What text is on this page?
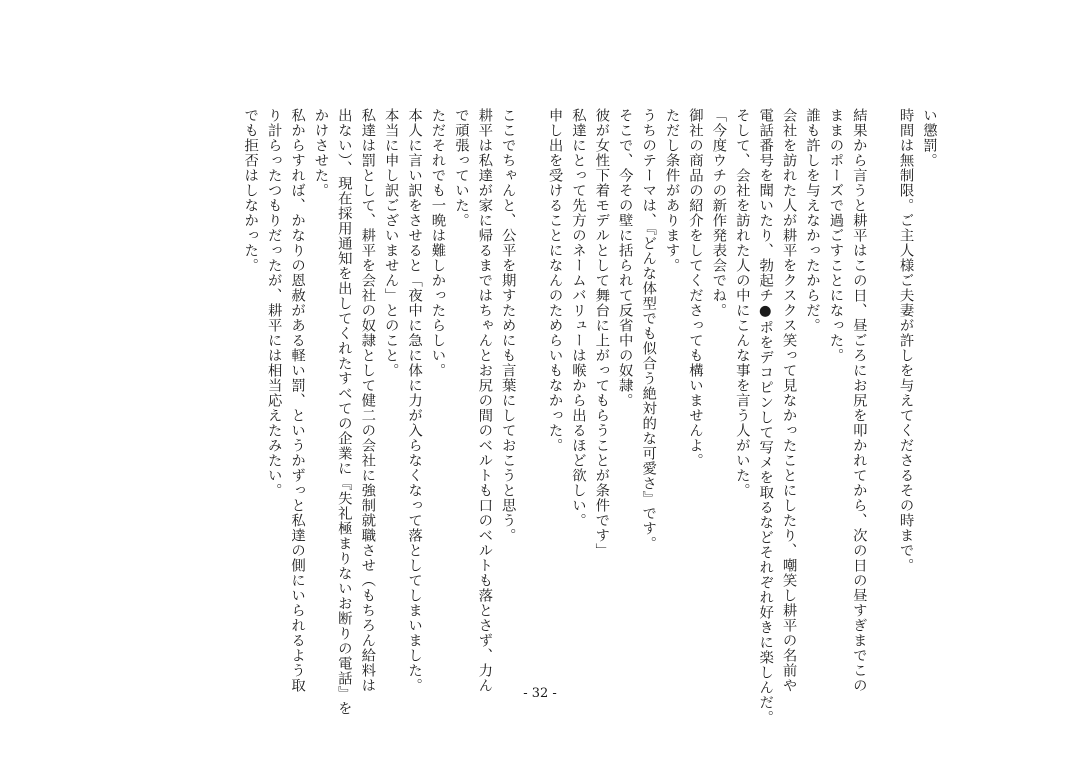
い懲罰。

時間は無制限。ご主人様ご夫妻が許しを与えてくださるその時まで。

結果から言うと耕平はこの日、昼ごろにお尻を叩かれてから、次の日の昼すぎまでこの

ままのポーズで過ごすことになった。

誰も許しを与えなかったからだ。

会社を訪れた人が耕平をクスクス笑って見なかったことにしたり、嘲笑し耕平の名前や

電話番号を聞いたり、勃起チ●ポをデコピンして写メを取るなどそれぞれ好きに楽しんだ。

そして、会社を訪れた人の中にこんな事を言う人がいた。

「今度ウチの新作発表会でね。

御社の商品の紹介をしてくださっても構いませんよ。

ただし条件があります。

うちのテーマは、『どんな体型でも似合う絶対的な可愛さ』です。

そこで、今その壁に括られて反省中の奴隷。

彼が女性下着モデルとして舞台に上がってもらうことが条件です」

私達にとって先方のネームバリューは喉から出るほど欲しい。

申し出を受けることになんのためらいもなかった。

ここでちゃんと、公平を期すためにも言葉にしておこうと思う。

耕平は私達が家に帰るまではちゃんとお尻の間のベルトも口のベルトも落とさず、力ん

で頑張っていた。

ただそれでも一晩は難しかったらしい。

本人に言い訳をさせると「夜中に急に体に力が入らなくなって落としてしまいました。

本当に申し訳ございません」とのこと。

私達は罰として、耕平を会社の奴隷として健二の会社に強制就職させ（もちろん給料は

出ない）、現在採用通知を出してくれたすべての企業に『失礼極まりないお断りの電話』を

かけさせた。

私からすれば、かなりの恩赦がある軽い罰、というかずっと私達の側にいられるよう取

り計らったつもりだったが、耕平には相当応えたみたい。

でも拒否はしなかった。

- 32 -
